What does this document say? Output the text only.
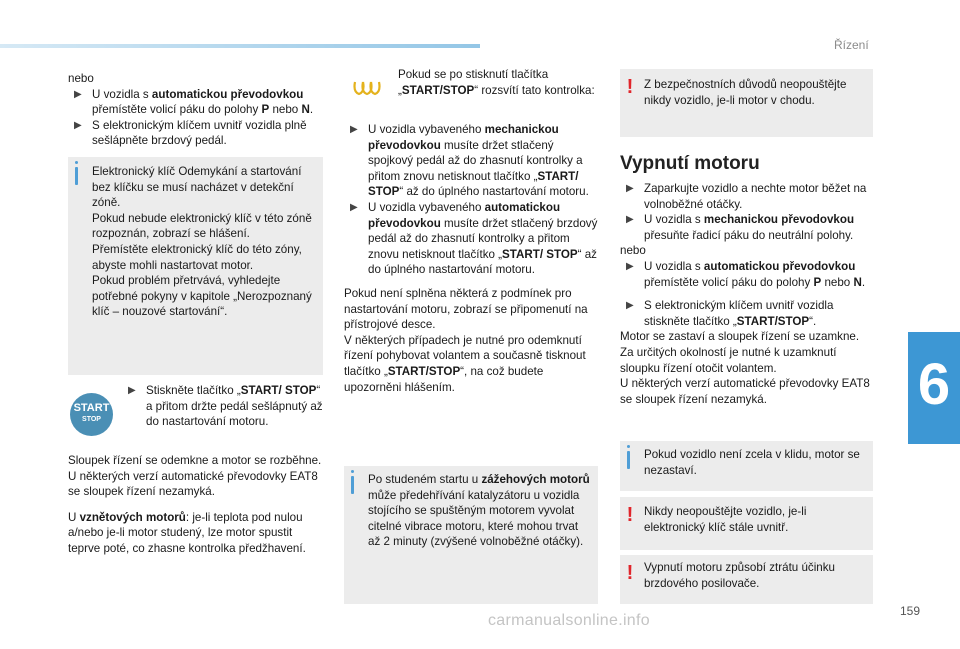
Řízení
6

nebo

▶ U vozidla s automatickou převodovkou přemístěte volicí páku do polohy P nebo N.
▶ S elektronickým klíčem uvnitř vozidla plně sešlápněte brzdový pedál.

Elektronický klíč Odemykání a startování bez klíčku se musí nacházet v detekční zóně.

Pokud nebude elektronický klíč v této zóně rozpoznán, zobrazí se hlášení.

Přemístěte elektronický klíč do této zóny, abyste mohli nastartovat motor.

Pokud problém přetrvává, vyhledejte potřebné pokyny v kapitole „Nerozpoznaný klíč – nouzové startování“.

START
STOP
▶ Stiskněte tlačítko „START/ STOP“ a přitom držte pedál sešlápnutý až do nastartování motoru.

Sloupek řízení se odemkne a motor se rozběhne.

U některých verzí automatické převodovky EAT8 se sloupek řízení nezamyká.

U vznětových motorů: je-li teplota pod nulou a/nebo je-li motor studený, lze motor spustit teprve poté, co zhasne kontrolka předžhavení.

Pokud se po stisknutí tlačítka „START/STOP“ rozsvítí tato kontrolka:
▶ U vozidla vybaveného mechanickou převodovkou musíte držet stlačený spojkový pedál až do zhasnutí kontrolky a přitom znovu netisknout tlačítko „START/ STOP“ až do úplného nastartování motoru.
▶ U vozidla vybaveného automatickou převodovkou musíte držet stlačený brzdový pedál až do zhasnutí kontrolky a přitom znovu netisknout tlačítko „START/ STOP“ až do úplného nastartování motoru.

Pokud není splněna některá z podmínek pro nastartování motoru, zobrazí se připomenutí na přístrojové desce.

V některých případech je nutné pro odemknutí řízení pohybovat volantem a současně tisknout tlačítko „START/STOP“, na což budete upozorněni hlášením.

Po studeném startu u zážehových motorů může předehřívání katalyzátoru u vozidla stojícího se spuštěným motorem vyvolat citelné vibrace motoru, které mohou trvat až 2 minuty (zvýšené volnoběžné otáčky).
! Z bezpečnostních důvodů neopouštějte nikdy vozidlo, je-li motor v chodu.
Vypnutí motoru
▶ Zaparkujte vozidlo a nechte motor běžet na volnoběžné otáčky.
▶ U vozidla s mechanickou převodovkou přesuňte řadicí páku do neutrální polohy.

nebo

▶ U vozidla s automatickou převodovkou přemístěte volicí páku do polohy P nebo N.
▶ S elektronickým klíčem uvnitř vozidla stiskněte tlačítko „START/STOP“.

Motor se zastaví a sloupek řízení se uzamkne.

Za určitých okolností je nutné k uzamknutí sloupku řízení otočit volantem.

U některých verzí automatické převodovky EAT8 se sloupek řízení nezamyká.

Pokud vozidlo není zcela v klidu, motor se nezastaví.
! Nikdy neopouštějte vozidlo, je-li elektronický klíč stále uvnitř.
! Vypnutí motoru způsobí ztrátu účinku brzdového posilovače.
159
carmanualsonline.info
